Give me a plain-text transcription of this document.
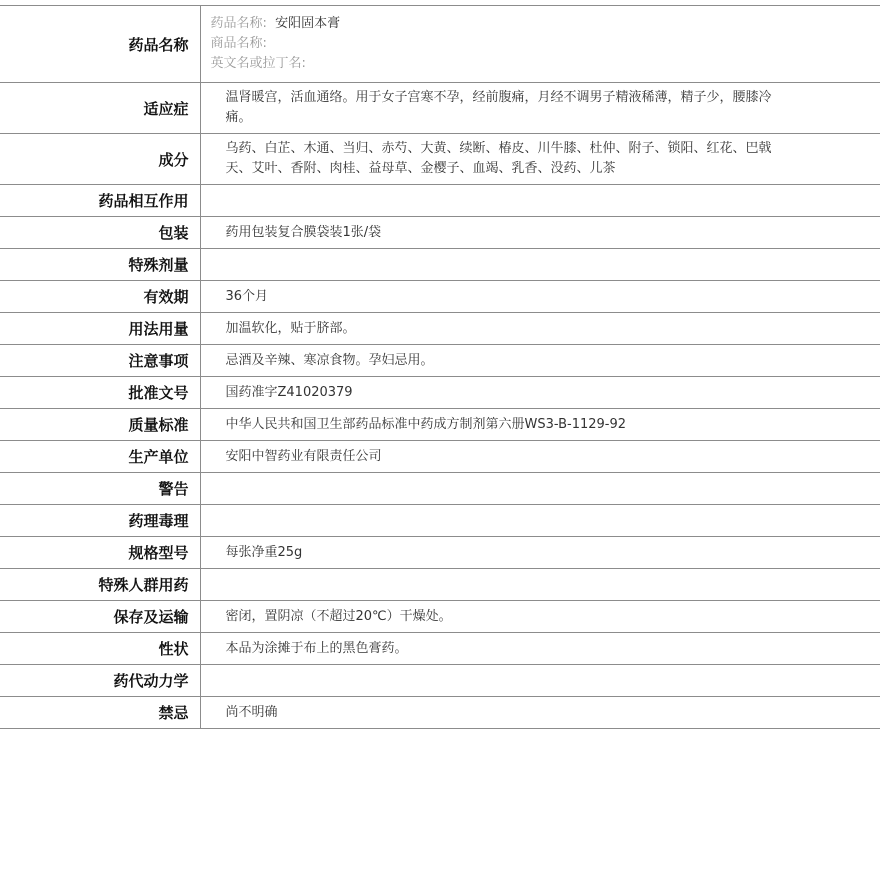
药品名称	药品名称: 安阳固本膏
商品名称:
英文名或拉丁名:

适应症	温肾暖宫，活血通络。用于女子宫寒不孕，经前腹痛，月经不调男子精液稀薄，精子少，腰膝冷痛。
成分	乌药、白芷、木通、当归、赤芍、大黄、续断、椿皮、川牛膝、杜仲、附子、锁阳、红花、巴戟天、艾叶、香附、肉桂、益母草、金樱子、血竭、乳香、没药、儿茶
药品相互作用	
包装	药用包装复合膜袋装1张/袋
特殊剂量	
有效期	36个月
用法用量	加温软化，贴于脐部。
注意事项	忌酒及辛辣、寒凉食物。孕妇忌用。
批准文号	国药准字Z41020379
质量标准	中华人民共和国卫生部药品标准中药成方制剂第六册WS3-B-1129-92
生产单位	安阳中智药业有限责任公司
警告	
药理毒理	
规格型号	每张净重25g
特殊人群用药	
保存及运输	密闭，置阴凉（不超过20℃）干燥处。
性状	本品为涂摊于布上的黑色膏药。
药代动力学	
禁忌	尚不明确
